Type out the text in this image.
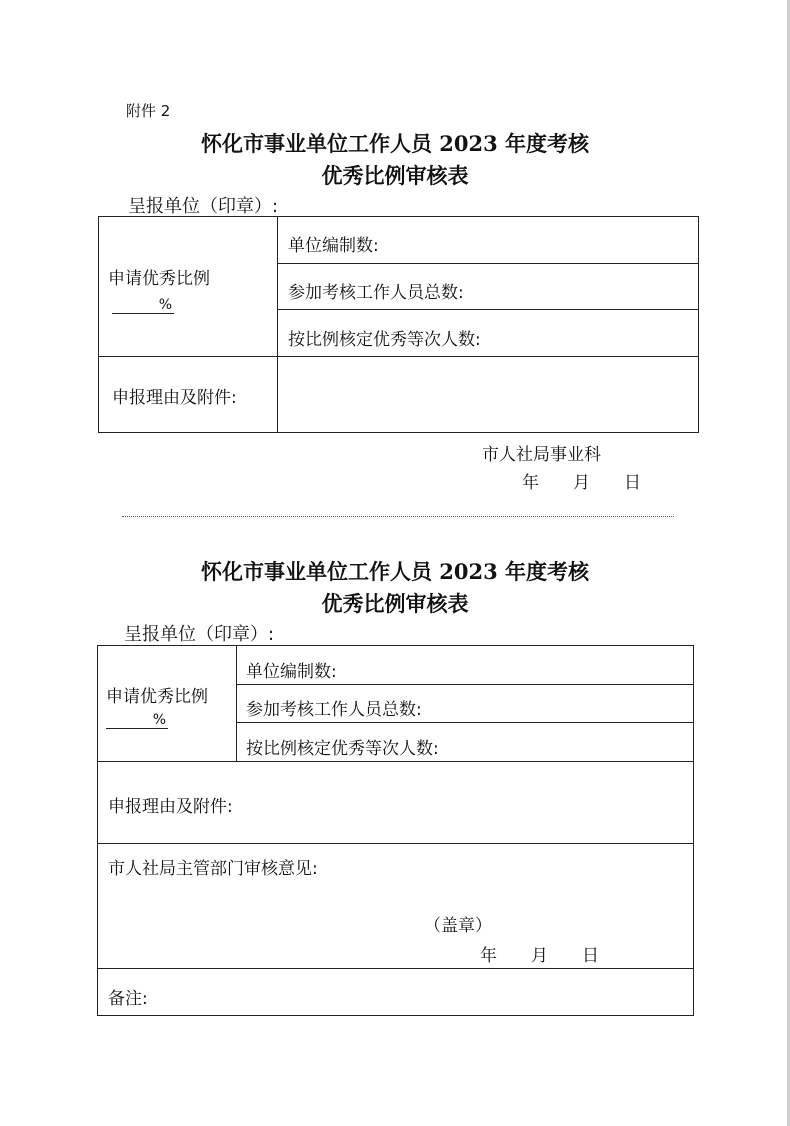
附件 2
怀化市事业单位工作人员 2023 年度考核
优秀比例审核表
呈报单位（印章）:
申请优秀比例
%
单位编制数:
参加考核工作人员总数:
按比例核定优秀等次人数:
申报理由及附件:
市人社局事业科
年　　月　　日
怀化市事业单位工作人员 2023 年度考核
优秀比例审核表
呈报单位（印章）:
申请优秀比例
%
单位编制数:
参加考核工作人员总数:
按比例核定优秀等次人数:
申报理由及附件:
市人社局主管部门审核意见:
（盖章）
年　　月　　日
备注:
